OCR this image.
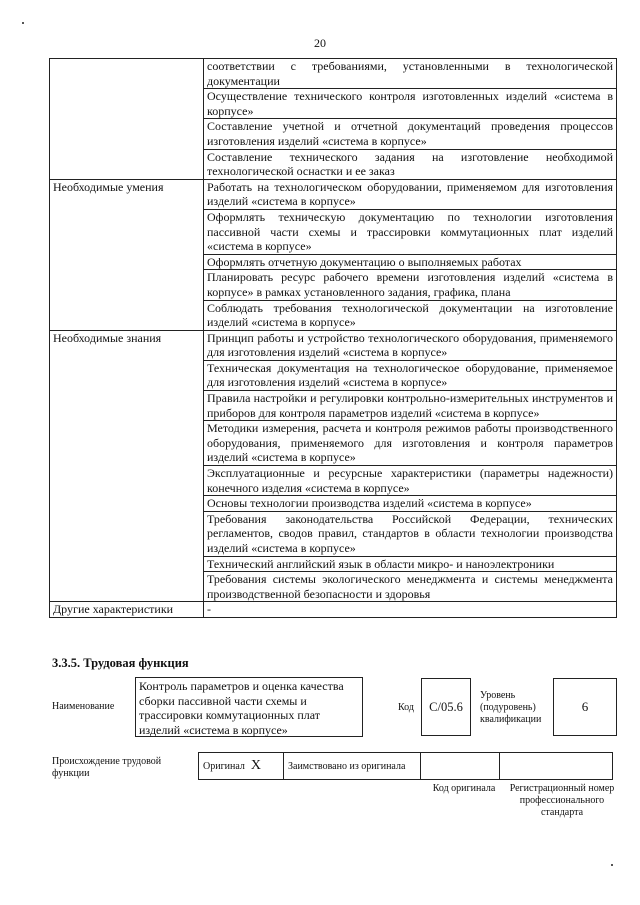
20
	соответствии с требованиями, установленными в технологической документации
	Осуществление технического контроля изготовленных изделий «система в корпусе»
	Составление учетной и отчетной документаций проведения процессов изготовления изделий «система в корпусе»
	Составление технического задания на изготовление необходимой технологической оснастки и ее заказ
Необходимые умения	Работать на технологическом оборудовании, применяемом для изготовления изделий «система в корпусе»
	Оформлять техническую документацию по технологии изготовления пассивной части схемы и трассировки коммутационных плат изделий «система в корпусе»
	Оформлять отчетную документацию о выполняемых работах
	Планировать ресурс рабочего времени изготовления изделий «система в корпусе» в рамках установленного задания, графика, плана
	Соблюдать требования технологической документации на изготовление изделий «система в корпусе»
Необходимые знания	Принцип работы и устройство технологического оборудования, применяемого для изготовления изделий «система в корпусе»
	Техническая документация на технологическое оборудование, применяемое для изготовления изделий «система в корпусе»
	Правила настройки и регулировки контрольно-измерительных инструментов и приборов для контроля параметров изделий «система в корпусе»
	Методики измерения, расчета и контроля режимов работы производственного оборудования, применяемого для изготовления и контроля параметров изделий «система в корпусе»
	Эксплуатационные и ресурсные характеристики (параметры надежности) конечного изделия «система в корпусе»
	Основы технологии производства изделий «система в корпусе»
	Требования законодательства Российской Федерации, технических регламентов, сводов правил, стандартов в области технологии производства изделий «система в корпусе»
	Технический английский язык в области микро- и наноэлектроники
	Требования системы экологического менеджмента и системы менеджмента производственной безопасности и здоровья
Другие характеристики	-
3.3.5. Трудовая функция
Наименование
Контроль параметров и оценка качества сборки пассивной части схемы и трассировки коммутационных плат изделий «система в корпусе»
Код	С/05.6
Уровень (подуровень) квалификации
6
Происхождение трудовой функции
Оригинал Х	Заимствовано из оригинала		
Код оригинала	Регистрационный номер профессионального стандарта
